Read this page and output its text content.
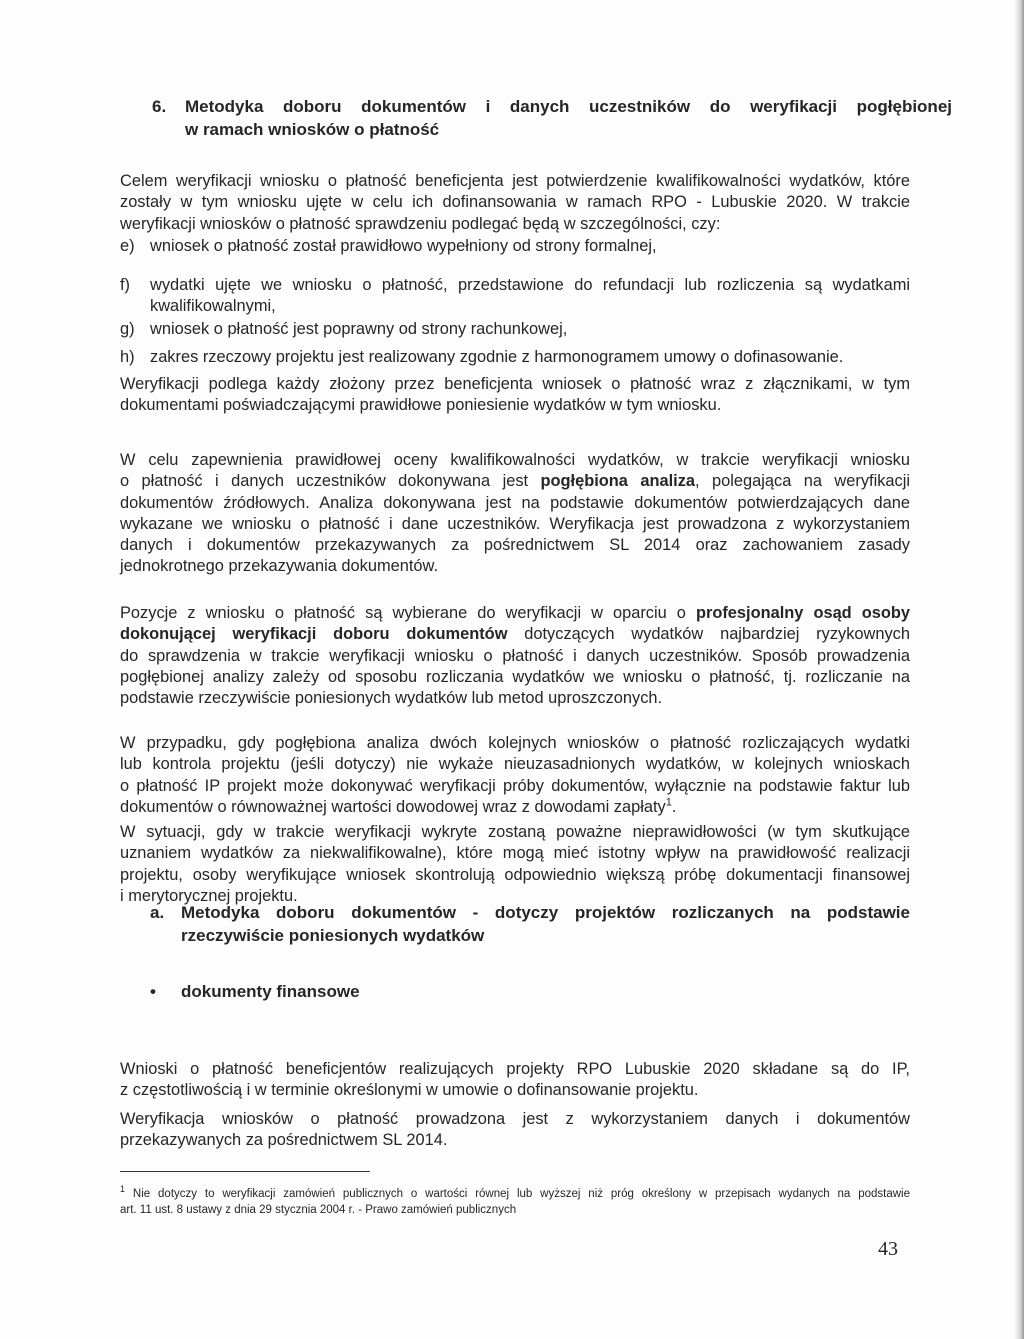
6. Metodyka doboru dokumentów i danych uczestników do weryfikacji pogłębionej
w ramach wniosków o płatność
Celem weryfikacji wniosku o płatność beneficjenta jest potwierdzenie kwalifikowalności wydatków, które
zostały w tym wniosku ujęte w celu ich dofinansowania w ramach RPO - Lubuskie 2020. W trakcie
weryfikacji wniosków o płatność sprawdzeniu podlegać będą w szczególności, czy:
e) wniosek o płatność został prawidłowo wypełniony od strony formalnej,
f)	wydatki ujęte we wniosku o płatność, przedstawione do refundacji lub rozliczenia są wydatkami
kwalifikowalnymi,
g) wniosek o płatność jest poprawny od strony rachunkowej,
h) zakres rzeczowy projektu jest realizowany zgodnie z harmonogramem umowy o dofinasowanie.
Weryfikacji podlega każdy złożony przez beneficjenta wniosek o płatność wraz z złącznikami, w tym
dokumentami poświadczającymi prawidłowe poniesienie wydatków w tym wniosku.
W celu zapewnienia prawidłowej oceny kwalifikowalności wydatków, w trakcie weryfikacji wniosku
o płatność i danych uczestników dokonywana jest pogłębiona analiza, polegająca na weryfikacji
dokumentów źródłowych. Analiza dokonywana jest na podstawie dokumentów potwierdzających dane
wykazane we wniosku o płatność i dane uczestników. Weryfikacja jest prowadzona z wykorzystaniem
danych i dokumentów przekazywanych za pośrednictwem SL 2014 oraz zachowaniem zasady
jednokrotnego przekazywania dokumentów.
Pozycje z wniosku o płatność są wybierane do weryfikacji w oparciu o profesjonalny osąd osoby
dokonującej weryfikacji doboru dokumentów dotyczących wydatków najbardziej ryzykownych
do sprawdzenia w trakcie weryfikacji wniosku o płatność i danych uczestników. Sposób prowadzenia
pogłębionej analizy zależy od sposobu rozliczania wydatków we wniosku o płatność, tj. rozliczanie na
podstawie rzeczywiście poniesionych wydatków lub metod uproszczonych.
W przypadku, gdy pogłębiona analiza dwóch kolejnych wniosków o płatność rozliczających wydatki
lub kontrola projektu (jeśli dotyczy) nie wykaże nieuzasadnionych wydatków, w kolejnych wnioskach
o płatność IP projekt może dokonywać weryfikacji próby dokumentów, wyłącznie na podstawie faktur lub
dokumentów o równoważnej wartości dowodowej wraz z dowodami zapłaty$^1$.
W sytuacji, gdy w trakcie weryfikacji wykryte zostaną poważne nieprawidłowości (w tym skutkujące
uznaniem wydatków za niekwalifikowalne), które mogą mieć istotny wpływ na prawidłowość realizacji
projektu, osoby weryfikujące wniosek skontrolują odpowiednio większą próbę dokumentacji finansowej
i merytorycznej projektu.
a. Metodyka doboru dokumentów - dotyczy projektów rozliczanych na podstawie
rzeczywiście poniesionych wydatków
• dokumenty finansowe
Wnioski o płatność beneficjentów realizujących projekty RPO Lubuskie 2020 składane są do IP,
z częstotliwością i w terminie określonymi w umowie o dofinansowanie projektu.
Weryfikacja wniosków o płatność prowadzona jest z wykorzystaniem danych i dokumentów
przekazywanych za pośrednictwem SL 2014.
$^1$ Nie dotyczy to weryfikacji zamówień publicznych o wartości równej lub wyższej niż próg określony w przepisach wydanych na podstawie
art. 11 ust. 8 ustawy z dnia 29 stycznia 2004 r. - Prawo zamówień publicznych
43
